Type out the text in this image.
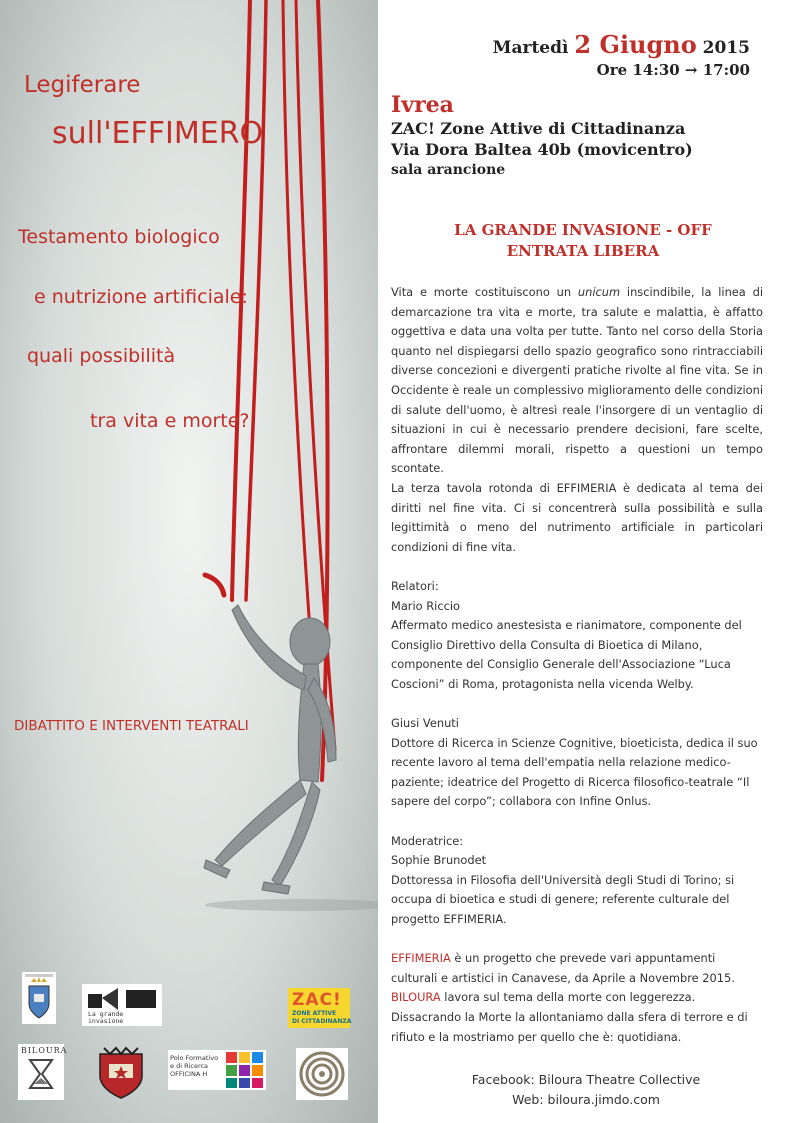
Legiferare
sull'EFFIMERO
Testamento biologico
e nutrizione artificiale:
quali possibilità
tra vita e morte?
DIBATTITO E INTERVENTI TEATRALI
La grande
invasione
ZAC!
ZONE ATTIVE
DI CITTADINANZA
BILOURA
Polo Formativo
e di Ricerca
OFFICINA H
Martedì 2 Giugno 2015
Ore 14:30 → 17:00
Ivrea
ZAC! Zone Attive di Cittadinanza
Via Dora Baltea 40b (movicentro)
sala arancione
LA GRANDE INVASIONE - OFF
ENTRATA LIBERA

Vita e morte costituiscono un unicum inscindibile, la linea di demarcazione tra vita e morte, tra salute e malattia, è affatto oggettiva e data una volta per tutte. Tanto nel corso della Storia quanto nel dispiegarsi dello spazio geografico sono rintracciabili diverse concezioni e divergenti pratiche rivolte al fine vita. Se in Occidente è reale un complessivo miglioramento delle condizioni di salute dell'uomo, è altresì reale l'insorgere di un ventaglio di situazioni in cui è necessario prendere decisioni, fare scelte, affrontare dilemmi morali, rispetto a questioni un tempo scontate.

La terza tavola rotonda di EFFIMERIA è dedicata al tema dei diritti nel fine vita. Ci si concentrerà sulla possibilità e sulla legittimità o meno del nutrimento artificiale in particolari condizioni di fine vita.

Relatori:
Mario Riccio

Affermato medico anestesista e rianimatore, componente del Consiglio Direttivo della Consulta di Bioetica di Milano, componente del Consiglio Generale dell'Associazione “Luca Coscioni” di Roma, protagonista nella vicenda Welby.

Giusi Venuti

Dottore di Ricerca in Scienze Cognitive, bioeticista, dedica il suo recente lavoro al tema dell'empatia nella relazione medico-paziente; ideatrice del Progetto di Ricerca filosofico-teatrale “Il sapere del corpo”; collabora con Infine Onlus.

Moderatrice:
Sophie Brunodet

Dottoressa in Filosofia dell'Università degli Studi di Torino; si occupa di bioetica e studi di genere; referente culturale del progetto EFFIMERIA.

EFFIMERIA è un progetto che prevede vari appuntamenti culturali e artistici in Canavese, da Aprile a Novembre 2015.

BILOURA lavora sul tema della morte con leggerezza. Dissacrando la Morte la allontaniamo dalla sfera di terrore e di rifiuto e la mostriamo per quello che è: quotidiana.

Facebook: Biloura Theatre Collective
Web: biloura.jimdo.com
